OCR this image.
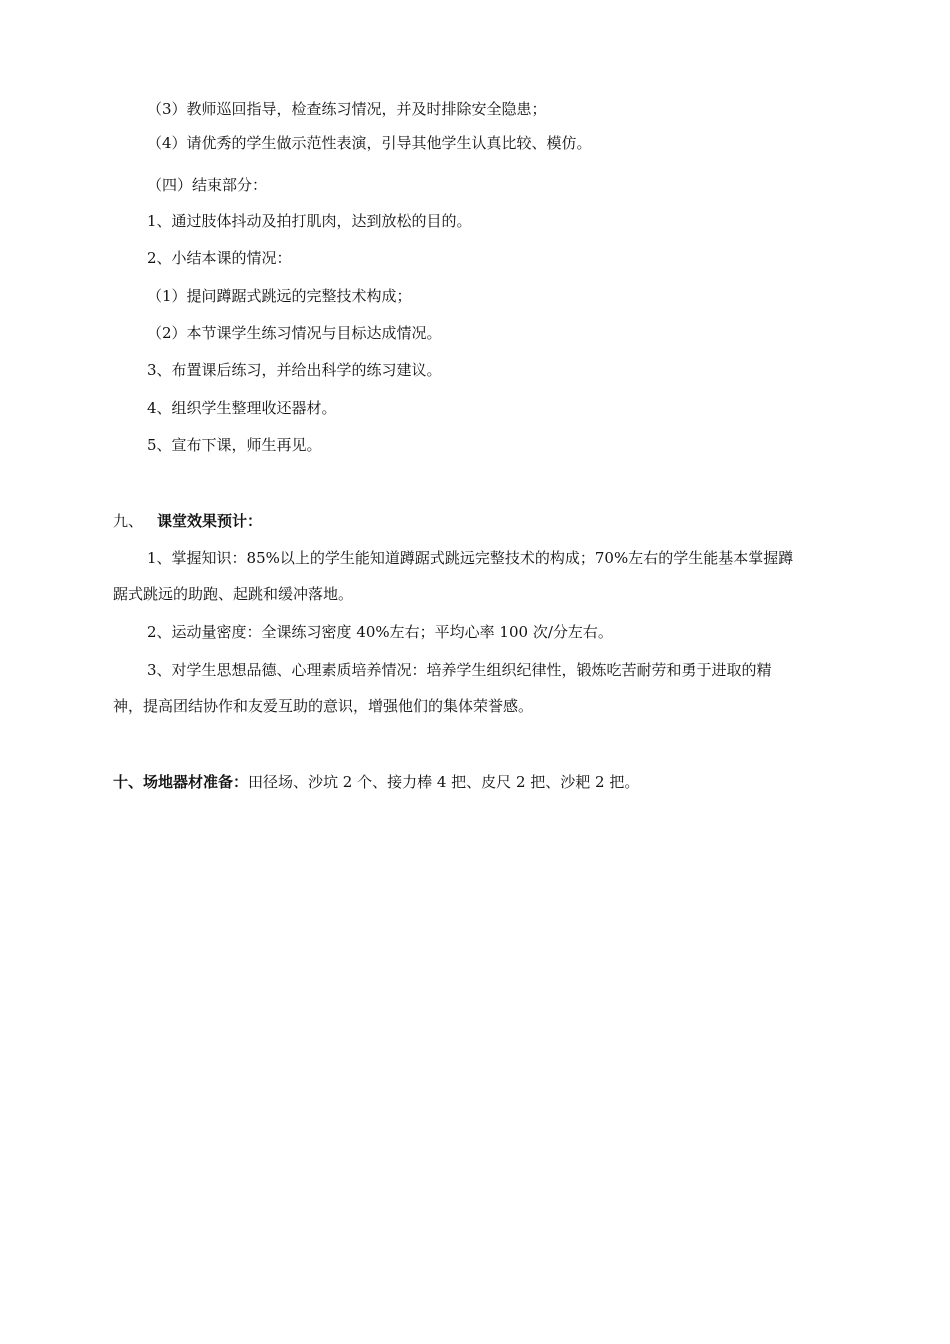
（3）教师巡回指导，检查练习情况，并及时排除安全隐患；
（4）请优秀的学生做示范性表演，引导其他学生认真比较、模仿。
（四）结束部分：
1、通过肢体抖动及拍打肌肉，达到放松的目的。
2、小结本课的情况：
（1）提问蹲踞式跳远的完整技术构成；
（2）本节课学生练习情况与目标达成情况。
3、布置课后练习，并给出科学的练习建议。
4、组织学生整理收还器材。
5、宣布下课，师生再见。
九、 课堂效果预计：
1、掌握知识：85%以上的学生能知道蹲踞式跳远完整技术的构成；70%左右的学生能基本掌握蹲
踞式跳远的助跑、起跳和缓冲落地。
2、运动量密度：全课练习密度 40%左右；平均心率 100 次/分左右。
3、对学生思想品德、心理素质培养情况：培养学生组织纪律性，锻炼吃苦耐劳和勇于进取的精
神，提高团结协作和友爱互助的意识，增强他们的集体荣誉感。
十、场地器材准备：田径场、沙坑 2 个、接力棒 4 把、皮尺 2 把、沙耙 2 把。
